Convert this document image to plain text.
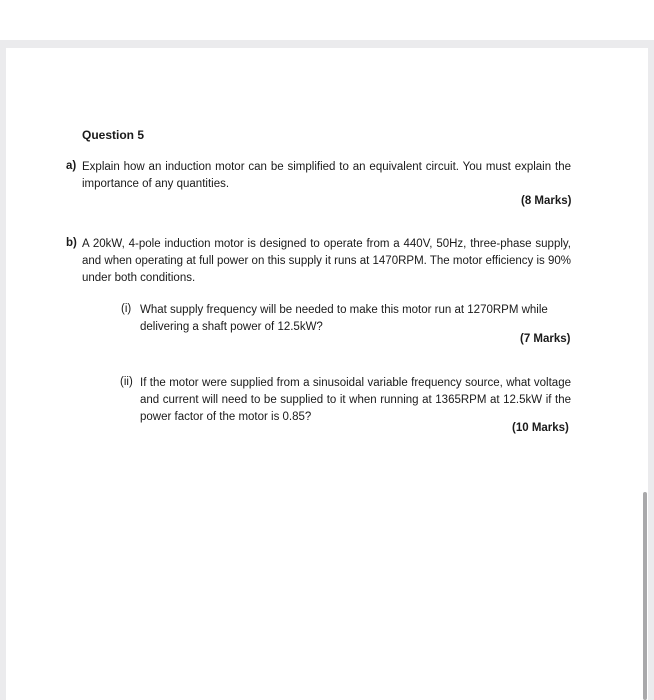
Question 5
a) Explain how an induction motor can be simplified to an equivalent circuit. You must explain the importance of any quantities.

(8 Marks)
b) A 20kW, 4-pole induction motor is designed to operate from a 440V, 50Hz, three-phase supply, and when operating at full power on this supply it runs at 1470RPM. The motor efficiency is 90% under both conditions.

(i) What supply frequency will be needed to make this motor run at 1270RPM while delivering a shaft power of 12.5kW?

(7 Marks)
(ii) If the motor were supplied from a sinusoidal variable frequency source, what voltage and current will need to be supplied to it when running at 1365RPM at 12.5kW if the power factor of the motor is 0.85?

(10 Marks)
